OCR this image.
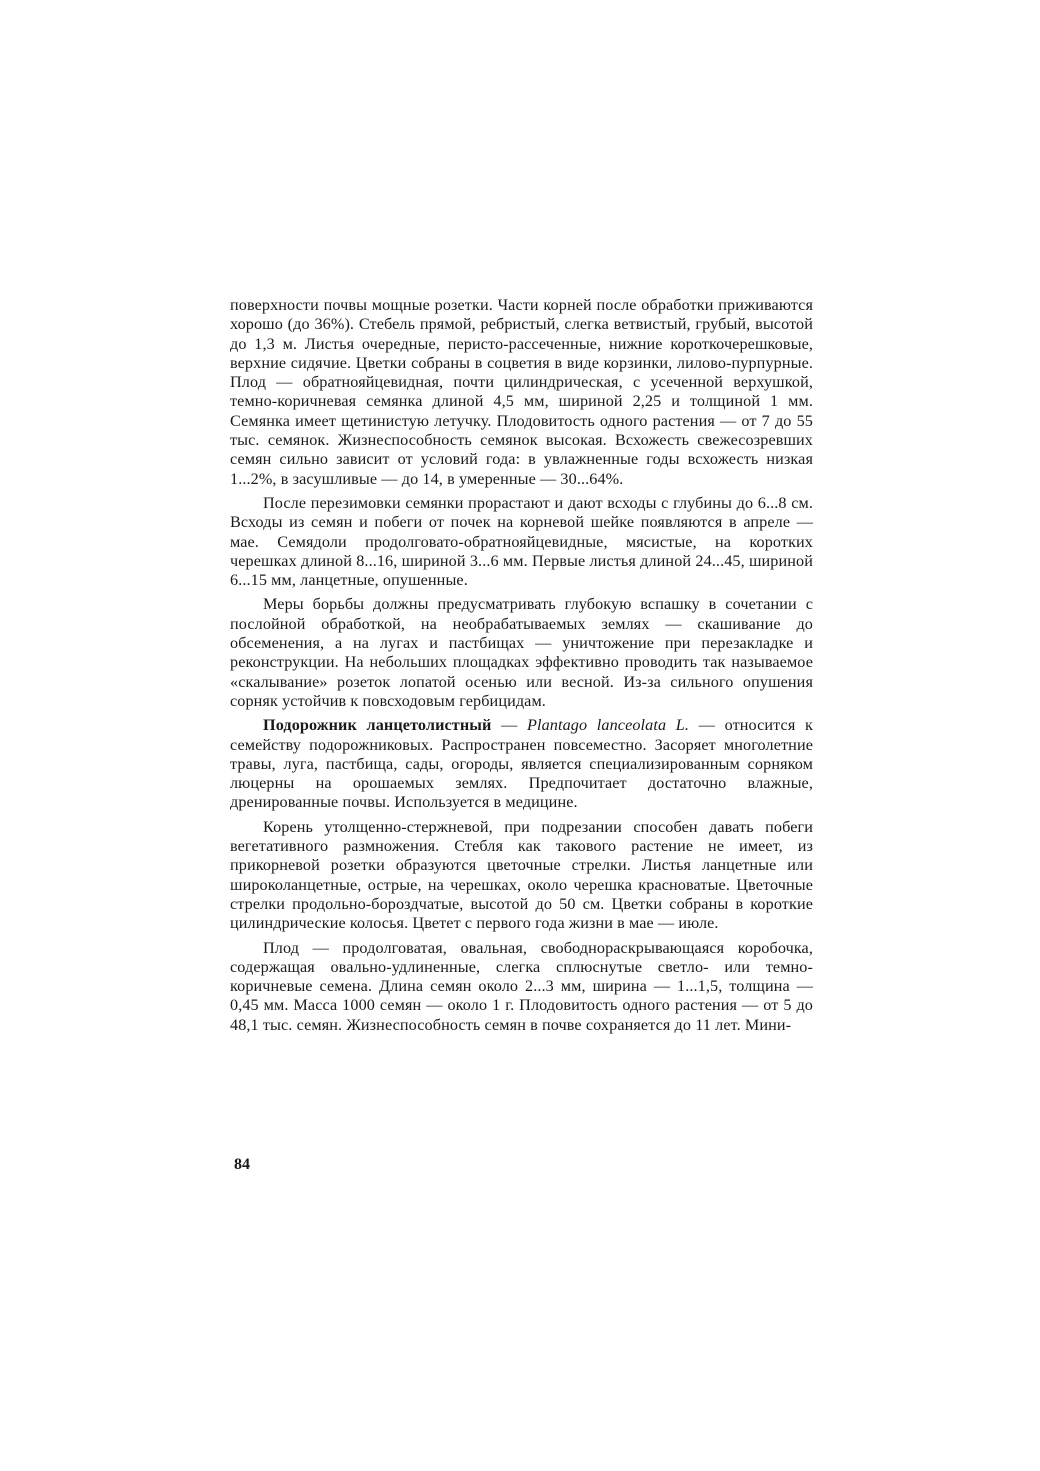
поверхности почвы мощные розетки. Части корней после обработки приживаются хорошо (до 36%). Стебель прямой, ребристый, слегка ветвистый, грубый, высотой до 1,3 м. Листья очередные, перисто-рассеченные, нижние короткочерешковые, верхние сидячие. Цветки собраны в соцветия в виде корзинки, лилово-пурпурные. Плод — обратнояйцевидная, почти цилиндрическая, с усеченной верхушкой, темно-коричневая семянка длиной 4,5 мм, шириной 2,25 и толщиной 1 мм. Семянка имеет щетинистую летучку. Плодовитость одного растения — от 7 до 55 тыс. семянок. Жизнеспособность семянок высокая. Всхожесть свежесозревших семян сильно зависит от условий года: в увлажненные годы всхожесть низкая 1...2%, в засушливые — до 14, в умеренные — 30...64%.

После перезимовки семянки прорастают и дают всходы с глубины до 6...8 см. Всходы из семян и побеги от почек на корневой шейке появляются в апреле — мае. Семядоли продолговато-обратнояйцевидные, мясистые, на коротких черешках длиной 8...16, шириной 3...6 мм. Первые листья длиной 24...45, шириной 6...15 мм, ланцетные, опушенные.

Меры борьбы должны предусматривать глубокую вспашку в сочетании с послойной обработкой, на необрабатываемых землях — скашивание до обсеменения, а на лугах и пастбищах — уничтожение при перезакладке и реконструкции. На небольших площадках эффективно проводить так называемое «скалывание» розеток лопатой осенью или весной. Из-за сильного опушения сорняк устойчив к повсходовым гербицидам.

Подорожник ланцетолистный — Plantago lanceolata L. — относится к семейству подорожниковых. Распространен повсеместно. Засоряет многолетние травы, луга, пастбища, сады, огороды, является специализированным сорняком люцерны на орошаемых землях. Предпочитает достаточно влажные, дренированные почвы. Используется в медицине.

Корень утолщенно-стержневой, при подрезании способен давать побеги вегетативного размножения. Стебля как такового растение не имеет, из прикорневой розетки образуются цветочные стрелки. Листья ланцетные или широколанцетные, острые, на черешках, около черешка красноватые. Цветочные стрелки продольно-бороздчатые, высотой до 50 см. Цветки собраны в короткие цилиндрические колосья. Цветет с первого года жизни в мае — июле.

Плод — продолговатая, овальная, свободнораскрывающаяся коробочка, содержащая овально-удлиненные, слегка сплюснутые светло- или темно-коричневые семена. Длина семян около 2...3 мм, ширина — 1...1,5, толщина — 0,45 мм. Масса 1000 семян — около 1 г. Плодовитость одного растения — от 5 до 48,1 тыс. семян. Жизнеспособность семян в почве сохраняется до 11 лет. Мини-

84
